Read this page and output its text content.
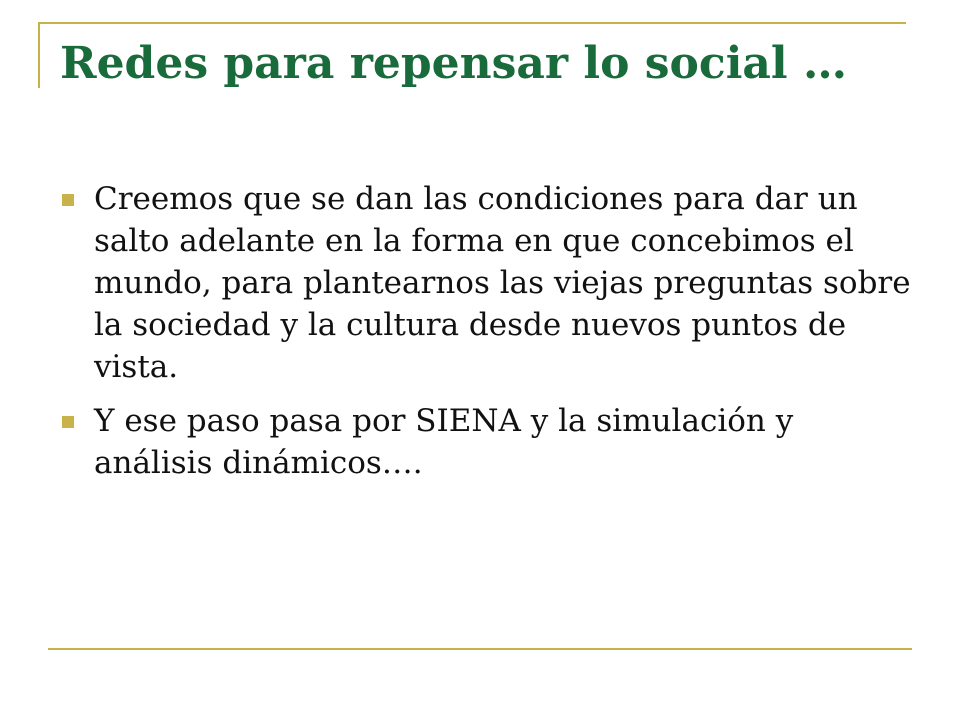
Redes para repensar lo social …
Creemos que se dan las condiciones para dar un salto adelante en la forma en que concebimos el mundo, para plantearnos las viejas preguntas sobre la sociedad y la cultura desde nuevos puntos de vista.
Y ese paso pasa por SIENA y la simulación y análisis dinámicos….
